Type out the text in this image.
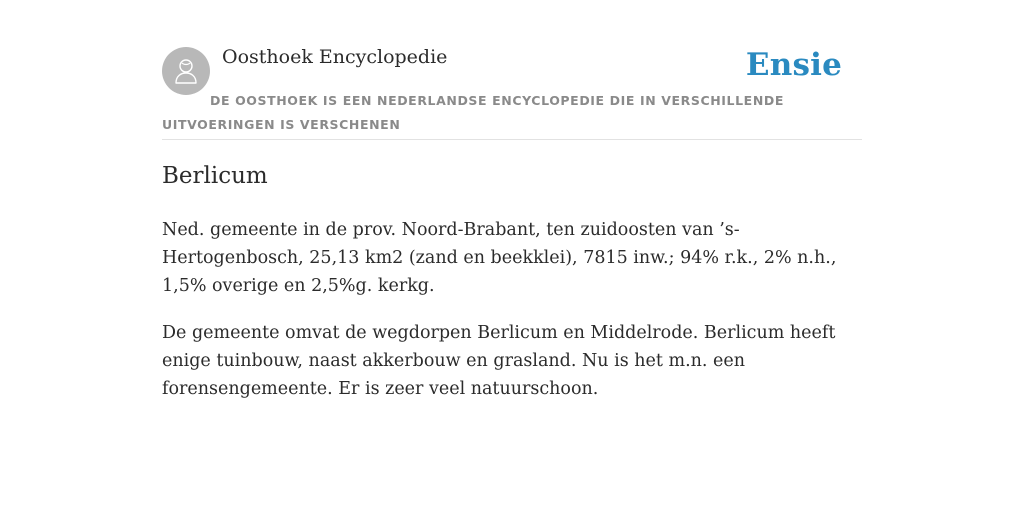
Oosthoek Encyclopedie	Ensie
DE OOSTHOEK IS EEN NEDERLANDSE ENCYCLOPEDIE DIE IN VERSCHILLENDE UITVOERINGEN IS VERSCHENEN
Berlicum

Ned. gemeente in de prov. Noord-Brabant, ten zuidoosten van ’s-Hertogenbosch, 25,13 km2 (zand en beekklei), 7815 inw.; 94% r.k., 2% n.h., 1,5% overige en 2,5%g. kerkg.

De gemeente omvat de wegdorpen Berlicum en Middelrode. Berlicum heeft enige tuinbouw, naast akkerbouw en grasland. Nu is het m.n. een forensengemeente. Er is zeer veel natuurschoon.
